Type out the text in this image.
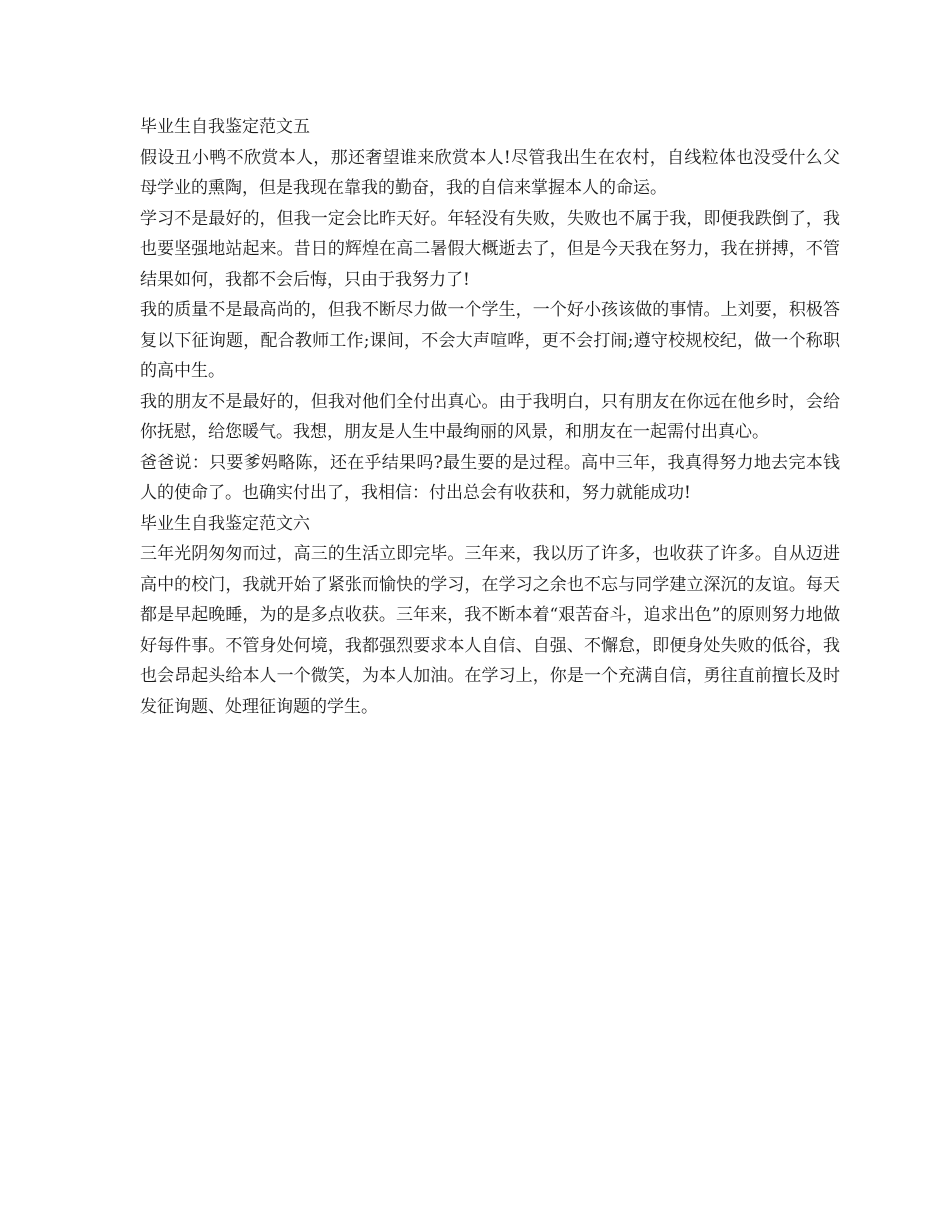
毕业生自我鉴定范文五

假设丑小鸭不欣赏本人，那还奢望谁来欣赏本人!尽管我出生在农村，自线粒体也没受什么父母学业的熏陶，但是我现在靠我的勤奋，我的自信来掌握本人的命运。

学习不是最好的，但我一定会比昨天好。年轻没有失败，失败也不属于我，即便我跌倒了，我也要坚强地站起来。昔日的辉煌在高二暑假大概逝去了，但是今天我在努力，我在拼搏，不管结果如何，我都不会后悔，只由于我努力了!

我的质量不是最高尚的，但我不断尽力做一个学生，一个好小孩该做的事情。上刘要，积极答复以下征询题，配合教师工作;课间，不会大声喧哗，更不会打闹;遵守校规校纪，做一个称职的高中生。

我的朋友不是最好的，但我对他们全付出真心。由于我明白，只有朋友在你远在他乡时，会给你抚慰，给您暖气。我想，朋友是人生中最绚丽的风景，和朋友在一起需付出真心。

爸爸说：只要爹妈略陈，还在乎结果吗?最生要的是过程。高中三年，我真得努力地去完本钱人的使命了。也确实付出了，我相信：付出总会有收获和，努力就能成功!

毕业生自我鉴定范文六

三年光阴匆匆而过，高三的生活立即完毕。三年来，我以历了许多，也收获了许多。自从迈进高中的校门，我就开始了紧张而愉快的学习，在学习之余也不忘与同学建立深沉的友谊。每天都是早起晚睡，为的是多点收获。三年来，我不断本着“艰苦奋斗，追求出色”的原则努力地做好每件事。不管身处何境，我都强烈要求本人自信、自强、不懈怠，即便身处失败的低谷，我也会昂起头给本人一个微笑，为本人加油。在学习上，你是一个充满自信，勇往直前擅长及时发征询题、处理征询题的学生。
